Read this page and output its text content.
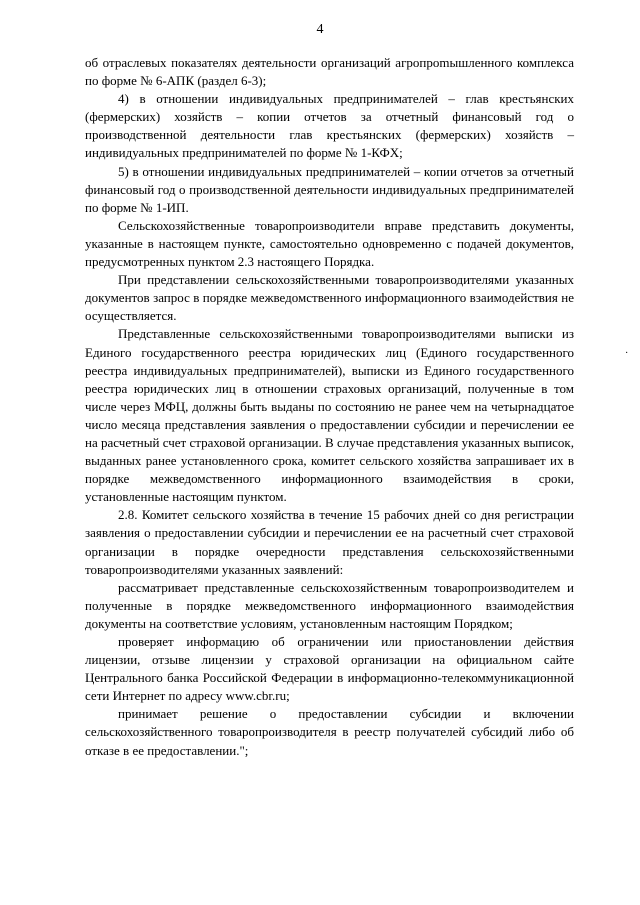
4

об отраслевых показателях деятельности организаций агропроmышленного комплекса по форме № 6-АПК (раздел 6-3);

4) в отношении индивидуальных предпринимателей – глав крестьянских (фермерских) хозяйств – копии отчетов за отчетный финансовый год о производственной деятельности глав крестьянских (фермерских) хозяйств – индивидуальных предпринимателей по форме № 1-КФХ;

5) в отношении индивидуальных предпринимателей – копии отчетов за отчетный финансовый год о производственной деятельности индивидуальных предпринимателей по форме № 1-ИП.

Сельскохозяйственные товаропроизводители вправе представить документы, указанные в настоящем пункте, самостоятельно одновременно с подачей документов, предусмотренных пунктом 2.3 настоящего Порядка.

При представлении сельскохозяйственными товаропроизводителями указанных документов запрос в порядке межведомственного информационного взаимодействия не осуществляется.

Представленные сельскохозяйственными товаропроизводителями выписки из Единого государственного реестра юридических лиц (Единого государственного реестра индивидуальных предпринимателей), выписки из Единого государственного реестра юридических лиц в отношении страховых организаций, полученные в том числе через МФЦ, должны быть выданы по состоянию не ранее чем на четырнадцатое число месяца представления заявления о предоставлении субсидии и перечислении ее на расчетный счет страховой организации. В случае представления указанных выписок, выданных ранее установленного срока, комитет сельского хозяйства запрашивает их в порядке межведомственного информационного взаимодействия в сроки, установленные настоящим пунктом.

2.8. Комитет сельского хозяйства в течение 15 рабочих дней со дня регистрации заявления о предоставлении субсидии и перечислении ее на расчетный счет страховой организации в порядке очередности представления сельскохозяйственными товаропроизводителями указанных заявлений:

рассматривает представленные сельскохозяйственным товаропроизводителем и полученные в порядке межведомственного информационного взаимодействия документы на соответствие условиям, установленным настоящим Порядком;

проверяет информацию об ограничении или приостановлении действия лицензии, отзыве лицензии у страховой организации на официальном сайте Центрального банка Российской Федерации в информационно-телекоммуникационной сети Интернет по адресу www.cbr.ru;

принимает решение о предоставлении субсидии и включении сельскохозяйственного товаропроизводителя в реестр получателей субсидий либо об отказе в ее предоставлении.";

·
